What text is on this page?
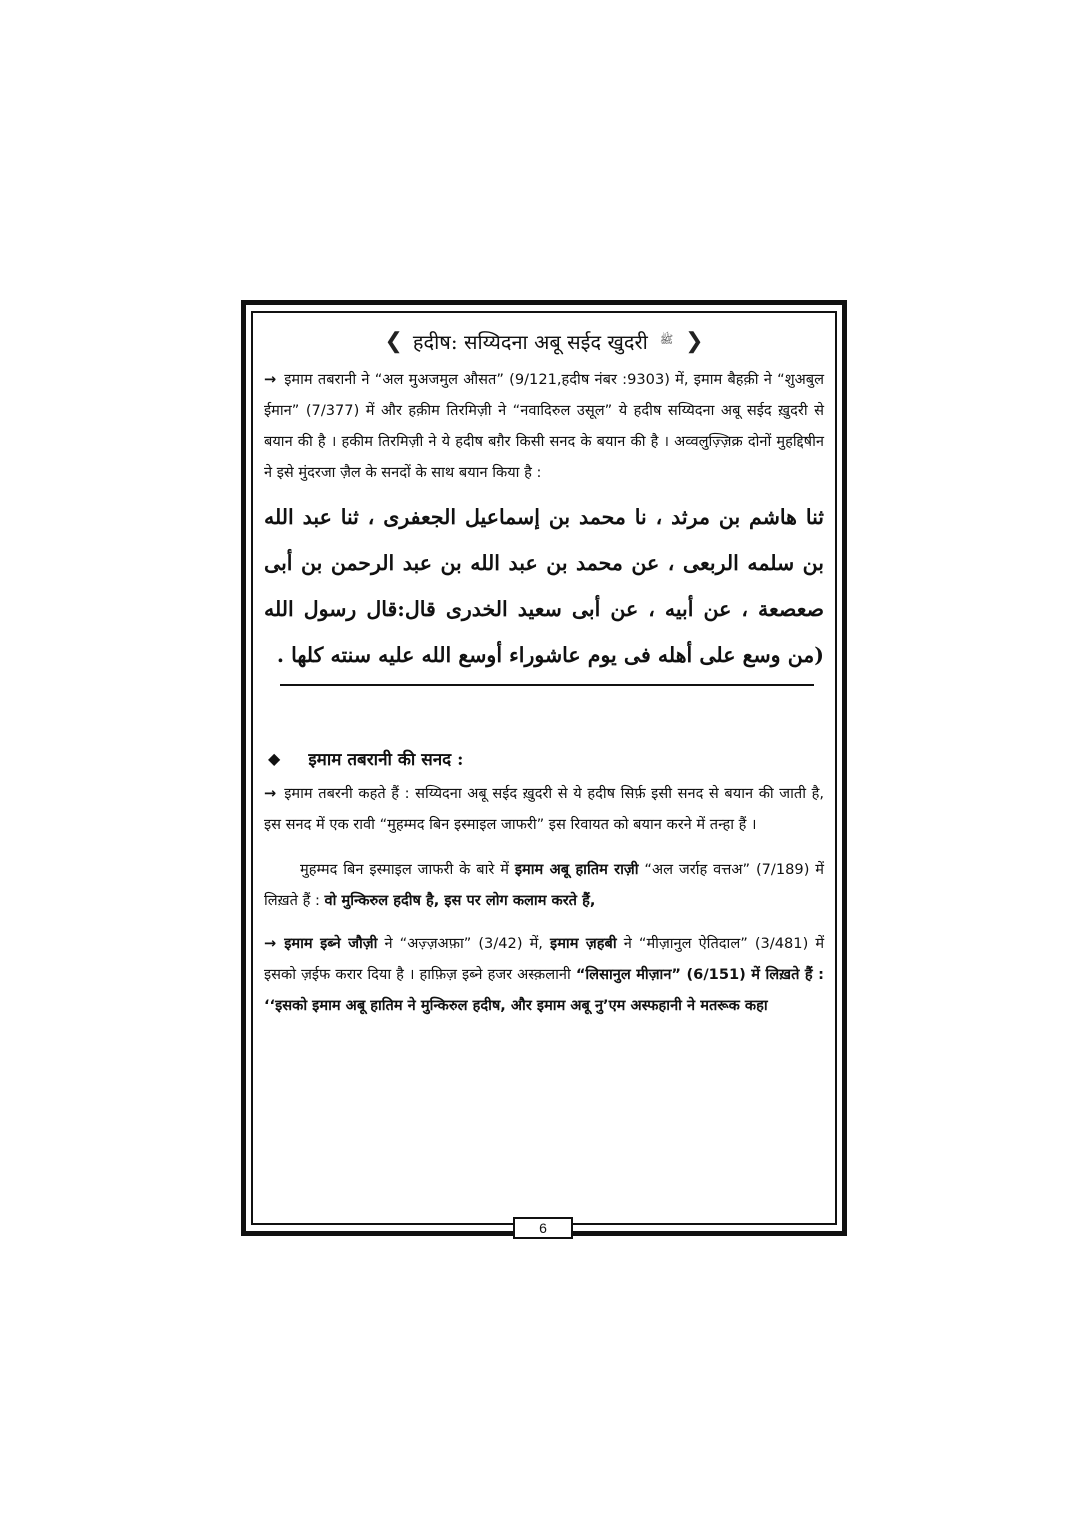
❮ हदीष: सय्यिदना अबू सईद खुदरी ﷺ ❯

→ इमाम तबरानी ने “अल मुअजमुल औसत” (9/121,हदीष नंबर :9303) में, इमाम बैहक़ी ने “शुअबुल ईमान” (7/377) में और हक़ीम तिरमिज़ी ने “नवादिरुल उसूल” ये हदीष सय्यिदना अबू सईद ख़ुदरी से बयान की है । हकीम तिरमिज़ी ने ये हदीष बग़ैर किसी सनद के बयान की है । अव्वलुज़्ज़िक्र दोनों मुहद्दिषीन ने इसे मुंदरजा ज़ैल के सनदों के साथ बयान किया है :

ثنا هاشم بن مرثد ، نا محمد بن إسماعيل الجعفرى ، ثنا عبد الله بن سلمه الربعى ، عن محمد بن عبد الله بن عبد الرحمن بن أبى صعصعة ، عن أبيه ، عن أبى سعيد الخدرى قال:قال رسول الله (من وسع على أهله فى يوم عاشوراء أوسع الله عليه سنته كلها .
◆ इमाम तबरानी की सनद :

→ इमाम तबरनी कहते हैं : सय्यिदना अबू सईद ख़ुदरी से ये हदीष सिर्फ़ इसी सनद से बयान की जाती है, इस सनद में एक रावी “मुहम्मद बिन इस्माइल जाफरी” इस रिवायत को बयान करने में तन्हा हैं ।

मुहम्मद बिन इस्माइल जाफरी के बारे में इमाम अबू हातिम राज़ी “अल जर्राह वत्तअ” (7/189) में लिख़ते हैं : वो मुन्किरुल हदीष है, इस पर लोग कलाम करते हैं,

→ इमाम इब्ने जौज़ी ने “अज़्ज़अफ़ा” (3/42) में, इमाम ज़हबी ने “मीज़ानुल ऐतिदाल” (3/481) में इसको ज़ईफ करार दिया है । हाफ़िज़ इब्ने हजर अस्क़लानी “लिसानुल मीज़ान” (6/151) में लिख़ते हैं : ‘‘इसको इमाम अबू हातिम ने मुन्किरुल हदीष, और इमाम अबू नु’एम अस्फहानी ने मतरूक कहा

6
